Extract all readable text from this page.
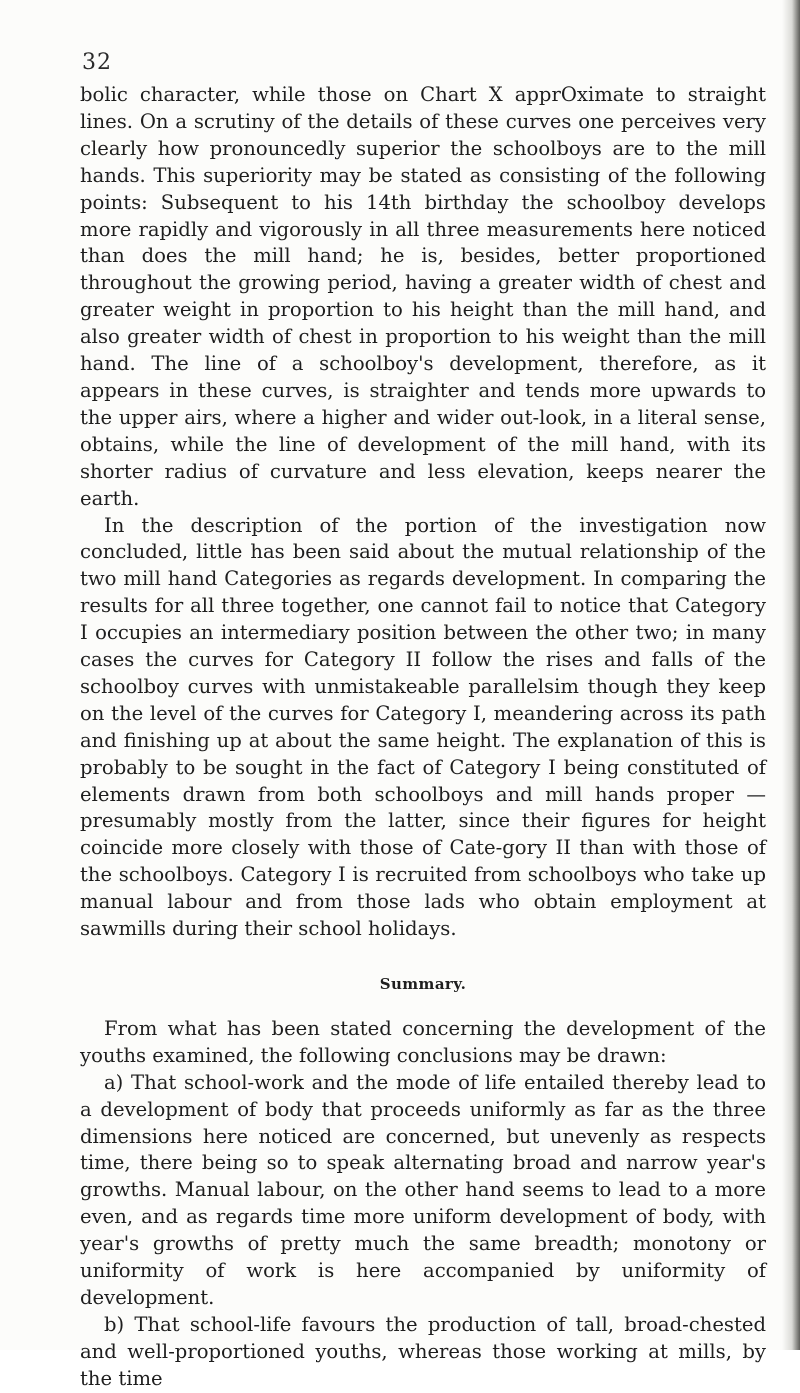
32

bolic character, while those on Chart X apprOximate to straight lines. On a scrutiny of the details of these curves one perceives very clearly how pronouncedly superior the schoolboys are to the mill hands. This superiority may be stated as consisting of the following points: Subsequent to his 14th birthday the schoolboy develops more rapidly and vigorously in all three measurements here noticed than does the mill hand; he is, besides, better proportioned throughout the growing period, having a greater width of chest and greater weight in proportion to his height than the mill hand, and also greater width of chest in proportion to his weight than the mill hand. The line of a schoolboy's development, therefore, as it appears in these curves, is straighter and tends more upwards to the upper airs, where a higher and wider out-look, in a literal sense, obtains, while the line of development of the mill hand, with its shorter radius of curvature and less elevation, keeps nearer the earth.

In the description of the portion of the investigation now concluded, little has been said about the mutual relationship of the two mill hand Categories as regards development. In comparing the results for all three together, one cannot fail to notice that Category I occupies an intermediary position between the other two; in many cases the curves for Category II follow the rises and falls of the schoolboy curves with unmistakeable parallelsim though they keep on the level of the curves for Category I, meandering across its path and finishing up at about the same height. The explanation of this is probably to be sought in the fact of Category I being constituted of elements drawn from both schoolboys and mill hands proper — presumably mostly from the latter, since their figures for height coincide more closely with those of Cate-gory II than with those of the schoolboys. Category I is recruited from schoolboys who take up manual labour and from those lads who obtain employment at sawmills during their school holidays.

Summary.

From what has been stated concerning the development of the youths examined, the following conclusions may be drawn:

a) That school-work and the mode of life entailed thereby lead to a development of body that proceeds uniformly as far as the three dimensions here noticed are concerned, but unevenly as respects time, there being so to speak alternating broad and narrow year's growths. Manual labour, on the other hand seems to lead to a more even, and as regards time more uniform development of body, with year's growths of pretty much the same breadth; monotony or uniformity of work is here accompanied by uniformity of development.

b) That school-life favours the production of tall, broad-chested and well-proportioned youths, whereas those working at mills, by the time
